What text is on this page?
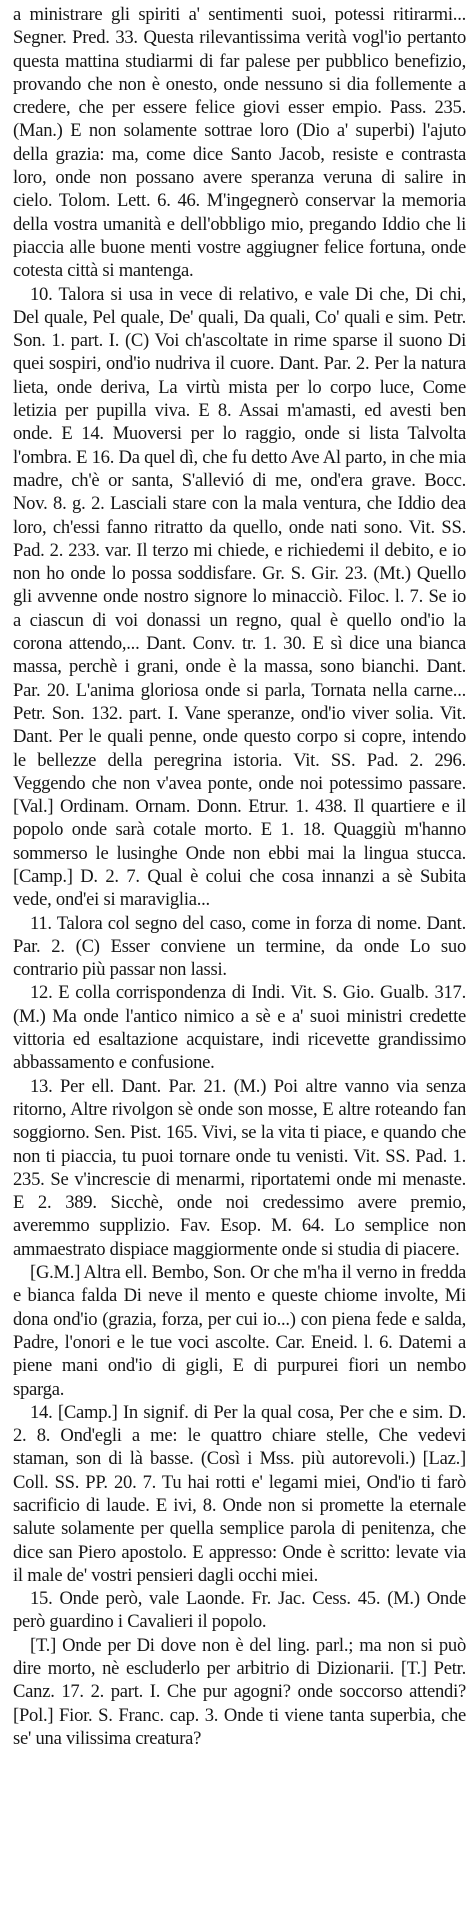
a ministrare gli spiriti a' sentimenti suoi, potessi ritirarmi... Segner. Pred. 33. Questa rilevantissima verità vogl'io pertanto questa mattina studiarmi di far palese per pubblico benefizio, provando che non è onesto, onde nessuno si dia follemente a credere, che per essere felice giovi esser empio. Pass. 235. (Man.) E non solamente sottrae loro (Dio a' superbi) l'ajuto della grazia: ma, come dice Santo Jacob, resiste e contrasta loro, onde non possano avere speranza veruna di salire in cielo. Tolom. Lett. 6. 46. M'ingegnerò conservar la memoria della vostra umanità e dell'obbligo mio, pregando Iddio che li piaccia alle buone menti vostre aggiugner felice fortuna, onde cotesta città si mantenga.

10. Talora si usa in vece di relativo, e vale Di che, Di chi, Del quale, Pel quale, De' quali, Da quali, Co' quali e sim. Petr. Son. 1. part. I. (C) Voi ch'ascoltate in rime sparse il suono Di quei sospiri, ond'io nudriva il cuore. Dant. Par. 2. Per la natura lieta, onde deriva, La virtù mista per lo corpo luce, Come letizia per pupilla viva. E 8. Assai m'amasti, ed avesti ben onde. E 14. Muoversi per lo raggio, onde si lista Talvolta l'ombra. E 16. Da quel dì, che fu detto Ave Al parto, in che mia madre, ch'è or santa, S'allevió di me, ond'era grave. Bocc. Nov. 8. g. 2. Lasciali stare con la mala ventura, che Iddio dea loro, ch'essi fanno ritratto da quello, onde nati sono. Vit. SS. Pad. 2. 233. var. Il terzo mi chiede, e richiedemi il debito, e io non ho onde lo possa soddisfare. Gr. S. Gir. 23. (Mt.) Quello gli avvenne onde nostro signore lo minacciò. Filoc. l. 7. Se io a ciascun di voi donassi un regno, qual è quello ond'io la corona attendo,... Dant. Conv. tr. 1. 30. E sì dice una bianca massa, perchè i grani, onde è la massa, sono bianchi. Dant. Par. 20. L'anima gloriosa onde si parla, Tornata nella carne... Petr. Son. 132. part. I. Vane speranze, ond'io viver solia. Vit. Dant. Per le quali penne, onde questo corpo si copre, intendo le bellezze della peregrina istoria. Vit. SS. Pad. 2. 296. Veggendo che non v'avea ponte, onde noi potessimo passare. [Val.] Ordinam. Ornam. Donn. Etrur. 1. 438. Il quartiere e il popolo onde sarà cotale morto. E 1. 18. Quaggiù m'hanno sommerso le lusinghe Onde non ebbi mai la lingua stucca. [Camp.] D. 2. 7. Qual è colui che cosa innanzi a sè Subita vede, ond'ei si maraviglia...

11. Talora col segno del caso, come in forza di nome. Dant. Par. 2. (C) Esser conviene un termine, da onde Lo suo contrario più passar non lassi.

12. E colla corrispondenza di Indi. Vit. S. Gio. Gualb. 317. (M.) Ma onde l'antico nimico a sè e a' suoi ministri credette vittoria ed esaltazione acquistare, indi ricevette grandissimo abbassamento e confusione.

13. Per ell. Dant. Par. 21. (M.) Poi altre vanno via senza ritorno, Altre rivolgon sè onde son mosse, E altre roteando fan soggiorno. Sen. Pist. 165. Vivi, se la vita ti piace, e quando che non ti piaccia, tu puoi tornare onde tu venisti. Vit. SS. Pad. 1. 235. Se v'increscie di menarmi, riportatemi onde mi menaste. E 2. 389. Sicchè, onde noi credessimo avere premio, averemmo supplizio. Fav. Esop. M. 64. Lo semplice non ammaestrato dispiace maggiormente onde si studia di piacere.

[G.M.] Altra ell. Bembo, Son. Or che m'ha il verno in fredda e bianca falda Di neve il mento e queste chiome involte, Mi dona ond'io (grazia, forza, per cui io...) con piena fede e salda, Padre, l'onori e le tue voci ascolte. Car. Eneid. l. 6. Datemi a piene mani ond'io di gigli, E di purpurei fiori un nembo sparga.

14. [Camp.] In signif. di Per la qual cosa, Per che e sim. D. 2. 8. Ond'egli a me: le quattro chiare stelle, Che vedevi staman, son di là basse. (Così i Mss. più autorevoli.) [Laz.] Coll. SS. PP. 20. 7. Tu hai rotti e' legami miei, Ond'io ti farò sacrificio di laude. E ivi, 8. Onde non si promette la eternale salute solamente per quella semplice parola di penitenza, che dice san Piero apostolo. E appresso: Onde è scritto: levate via il male de' vostri pensieri dagli occhi miei.

15. Onde però, vale Laonde. Fr. Jac. Cess. 45. (M.) Onde però guardino i Cavalieri il popolo.

[T.] Onde per Di dove non è del ling. parl.; ma non si può dire morto, nè escluderlo per arbitrio di Dizionarii. [T.] Petr. Canz. 17. 2. part. I. Che pur agogni? onde soccorso attendi? [Pol.] Fior. S. Franc. cap. 3. Onde ti viene tanta superbia, che se' una vilissima creatura?
